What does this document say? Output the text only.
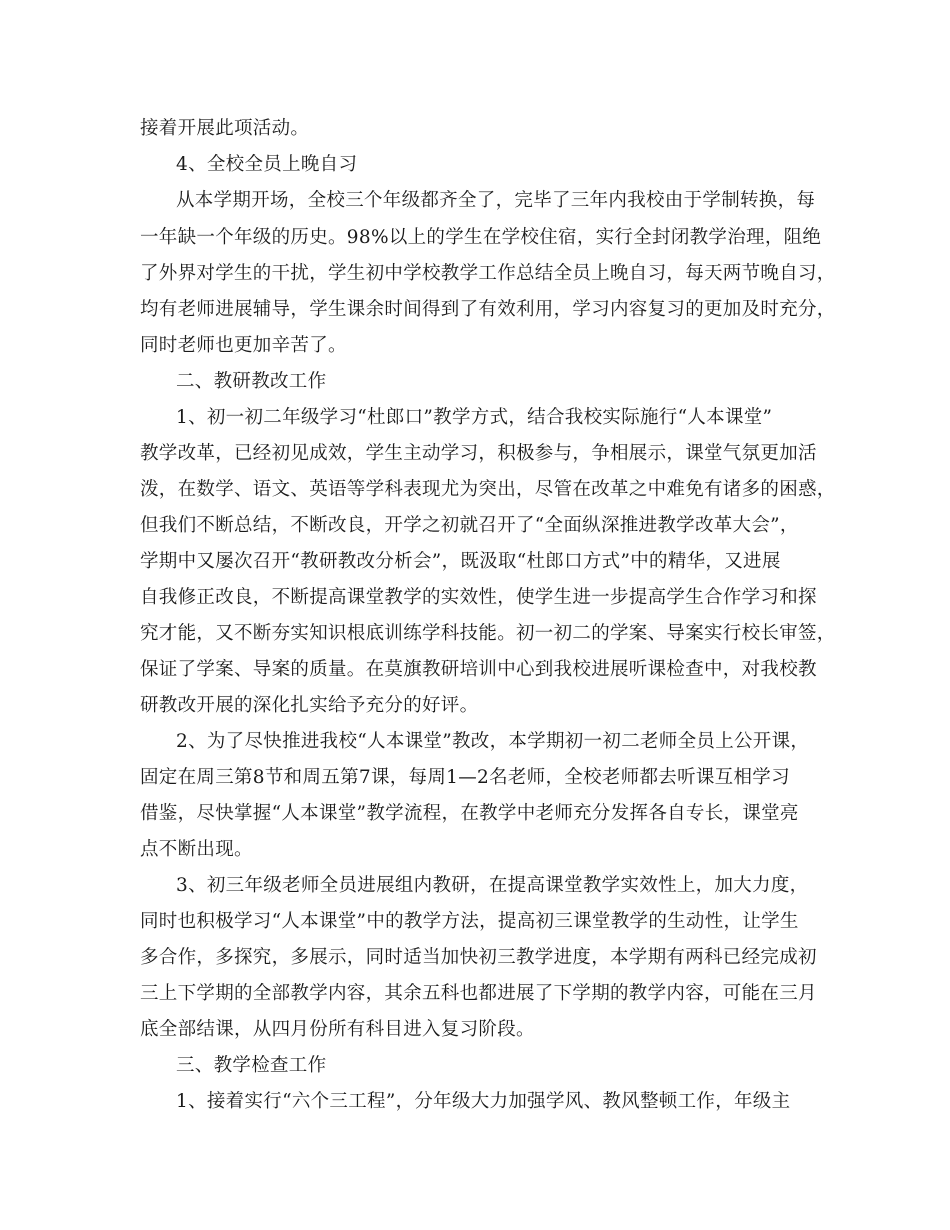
接着开展此项活动。
4、全校全员上晚自习
从本学期开场，全校三个年级都齐全了，完毕了三年内我校由于学制转换，每
一年缺一个年级的历史。98%以上的学生在学校住宿，实行全封闭教学治理，阻绝
了外界对学生的干扰，学生初中学校教学工作总结全员上晚自习，每天两节晚自习，
均有老师进展辅导，学生课余时间得到了有效利用，学习内容复习的更加及时充分，
同时老师也更加辛苦了。
二、教研教改工作
1、初一初二年级学习“杜郎口”教学方式，结合我校实际施行“人本课堂”
教学改革，已经初见成效，学生主动学习，积极参与，争相展示，课堂气氛更加活
泼，在数学、语文、英语等学科表现尤为突出，尽管在改革之中难免有诸多的困惑，
但我们不断总结，不断改良，开学之初就召开了“全面纵深推进教学改革大会”，
学期中又屡次召开“教研教改分析会”，既汲取“杜郎口方式”中的精华，又进展
自我修正改良，不断提高课堂教学的实效性，使学生进一步提高学生合作学习和探
究才能，又不断夯实知识根底训练学科技能。初一初二的学案、导案实行校长审签，
保证了学案、导案的质量。在莫旗教研培训中心到我校进展听课检查中，对我校教
研教改开展的深化扎实给予充分的好评。
2、为了尽快推进我校“人本课堂”教改，本学期初一初二老师全员上公开课，
固定在周三第8节和周五第7课，每周1—2名老师，全校老师都去听课互相学习
借鉴，尽快掌握“人本课堂”教学流程，在教学中老师充分发挥各自专长，课堂亮
点不断出现。
3、初三年级老师全员进展组内教研，在提高课堂教学实效性上，加大力度，
同时也积极学习“人本课堂”中的教学方法，提高初三课堂教学的生动性，让学生
多合作，多探究，多展示，同时适当加快初三教学进度，本学期有两科已经完成初
三上下学期的全部教学内容，其余五科也都进展了下学期的教学内容，可能在三月
底全部结课，从四月份所有科目进入复习阶段。
三、教学检查工作
1、接着实行“六个三工程”，分年级大力加强学风、教风整顿工作，年级主
